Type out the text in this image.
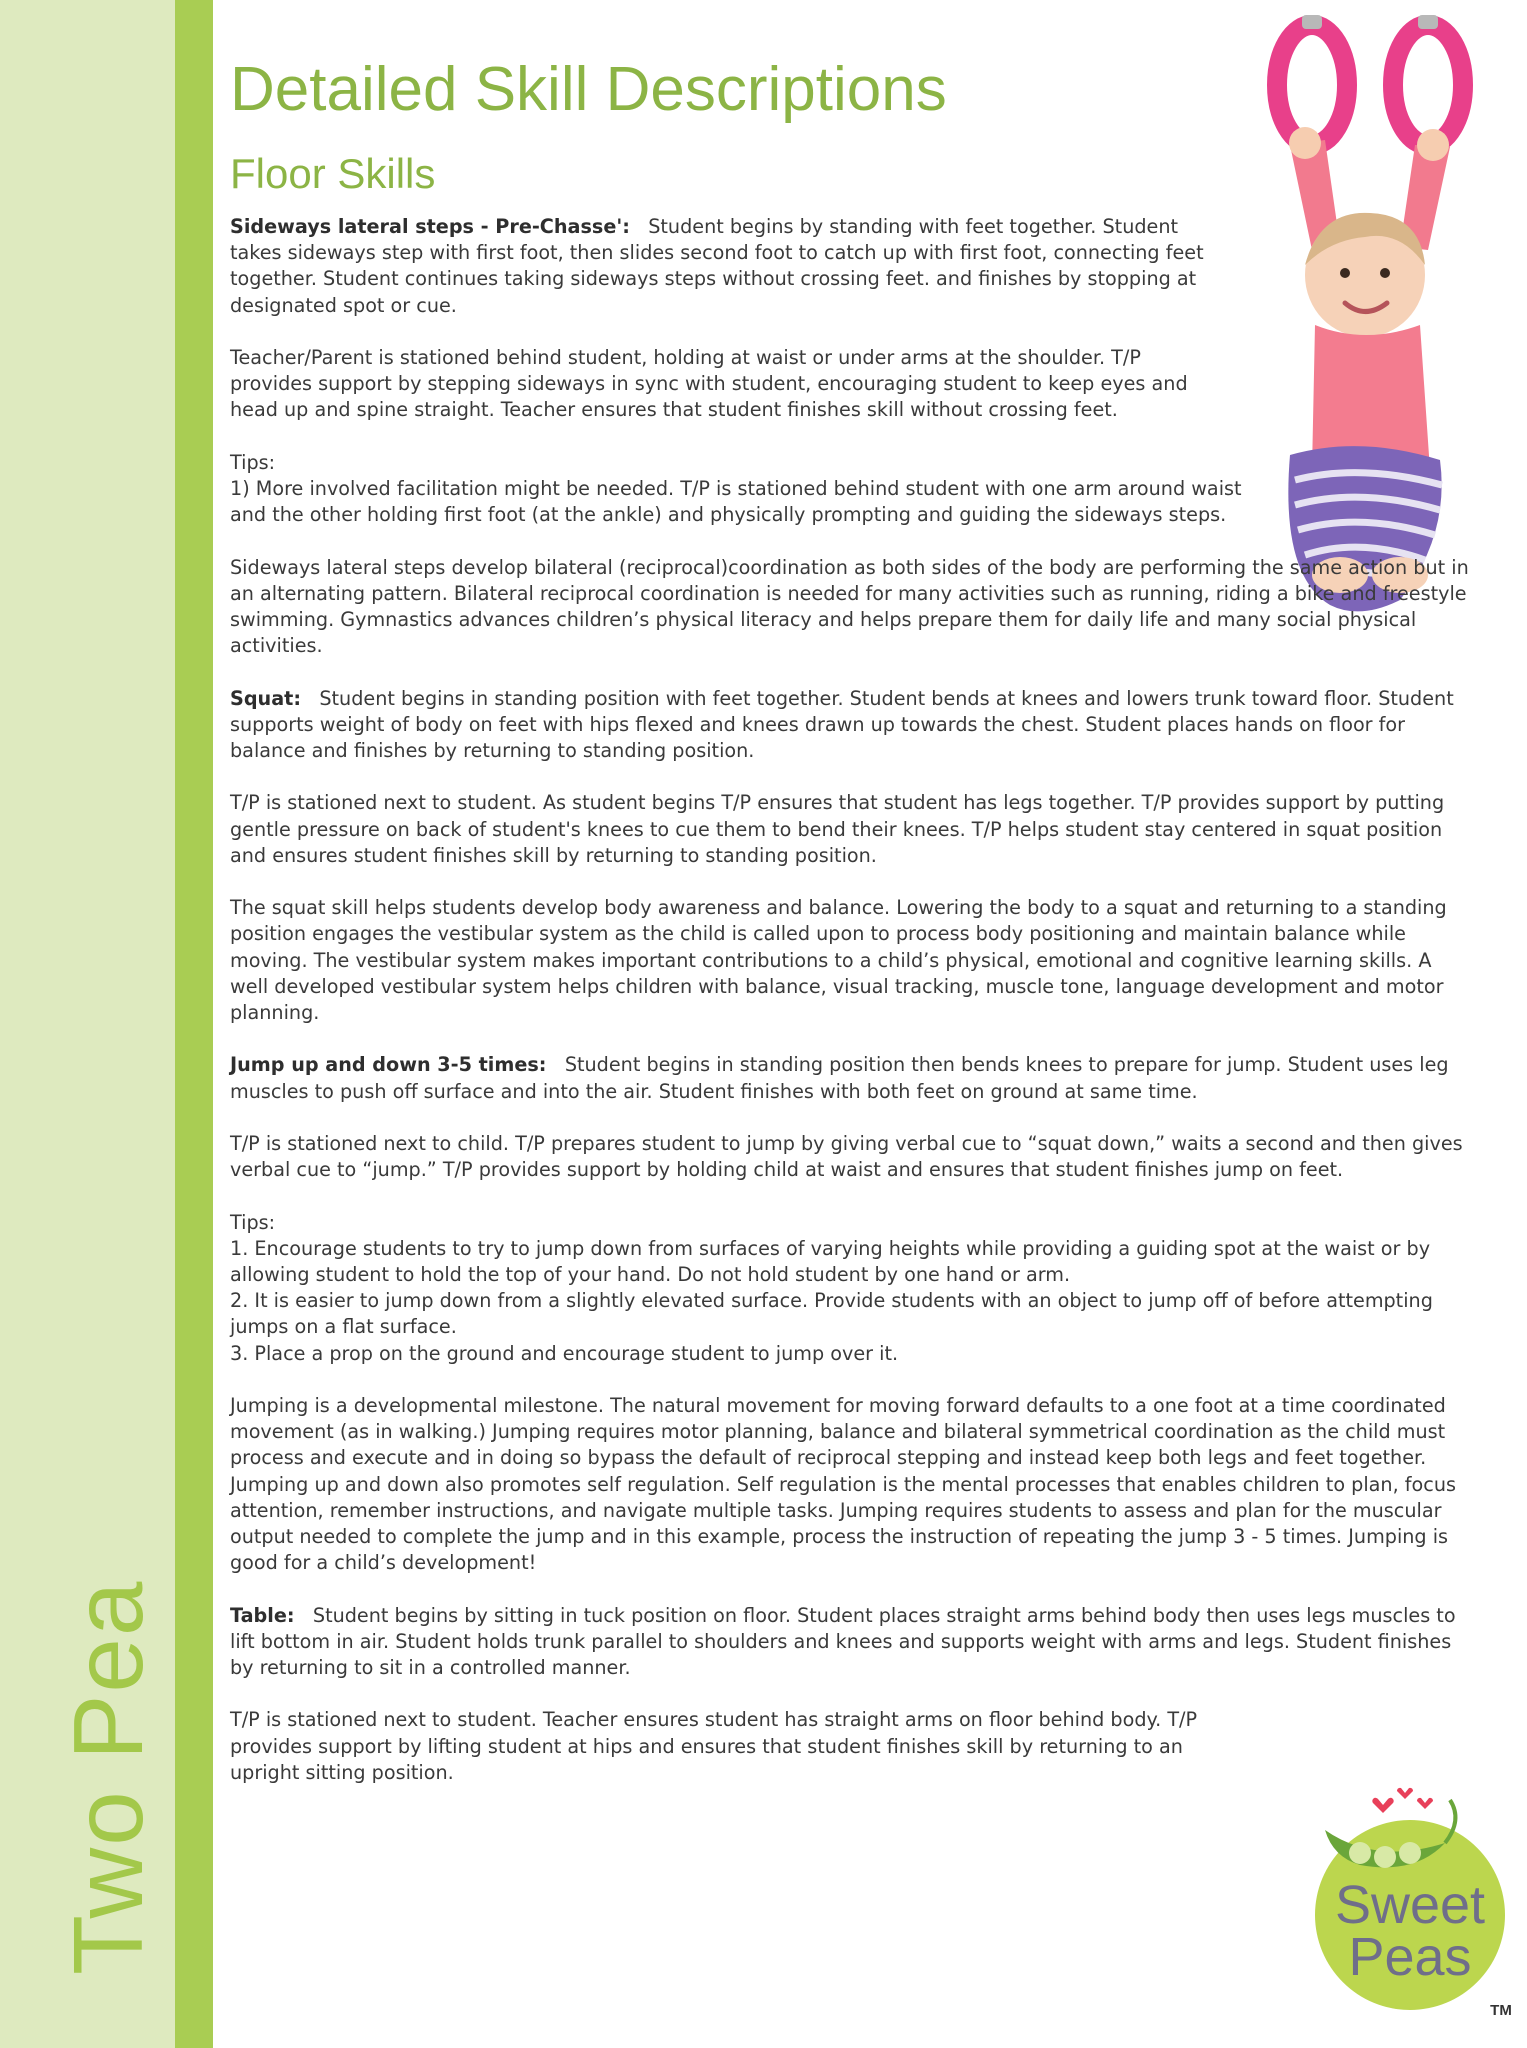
Two Pea
Detailed Skill Descriptions
Floor Skills
Sideways lateral steps - Pre-Chasse': Student begins by standing with feet together. Student takes sideways step with first foot, then slides second foot to catch up with first foot, connecting feet together. Student continues taking sideways steps without crossing feet. and finishes by stopping at designated spot or cue.
Teacher/Parent is stationed behind student, holding at waist or under arms at the shoulder. T/P provides support by stepping sideways in sync with student, encouraging student to keep eyes and head up and spine straight. Teacher ensures that student finishes skill without crossing feet.
Tips:
1) More involved facilitation might be needed. T/P is stationed behind student with one arm around waist and the other holding first foot (at the ankle) and physically prompting and guiding the sideways steps.
Sideways lateral steps develop bilateral (reciprocal)coordination as both sides of the body are performing the same action but in an alternating pattern. Bilateral reciprocal coordination is needed for many activities such as running, riding a bike and freestyle swimming. Gymnastics advances children’s physical literacy and helps prepare them for daily life and many social physical activities.
Squat: Student begins in standing position with feet together. Student bends at knees and lowers trunk toward floor. Student supports weight of body on feet with hips flexed and knees drawn up towards the chest. Student places hands on floor for balance and finishes by returning to standing position.
T/P is stationed next to student. As student begins T/P ensures that student has legs together. T/P provides support by putting gentle pressure on back of student's knees to cue them to bend their knees. T/P helps student stay centered in squat position and ensures student finishes skill by returning to standing position.
The squat skill helps students develop body awareness and balance. Lowering the body to a squat and returning to a standing position engages the vestibular system as the child is called upon to process body positioning and maintain balance while moving. The vestibular system makes important contributions to a child’s physical, emotional and cognitive learning skills. A well developed vestibular system helps children with balance, visual tracking, muscle tone, language development and motor planning.
Jump up and down 3-5 times: Student begins in standing position then bends knees to prepare for jump. Student uses leg muscles to push off surface and into the air. Student finishes with both feet on ground at same time.
T/P is stationed next to child. T/P prepares student to jump by giving verbal cue to “squat down,” waits a second and then gives verbal cue to “jump.” T/P provides support by holding child at waist and ensures that student finishes jump on feet.
Tips:
1. Encourage students to try to jump down from surfaces of varying heights while providing a guiding spot at the waist or by allowing student to hold the top of your hand. Do not hold student by one hand or arm.
2. It is easier to jump down from a slightly elevated surface. Provide students with an object to jump off of before attempting jumps on a flat surface.
3. Place a prop on the ground and encourage student to jump over it.
Jumping is a developmental milestone. The natural movement for moving forward defaults to a one foot at a time coordinated movement (as in walking.) Jumping requires motor planning, balance and bilateral symmetrical coordination as the child must process and execute and in doing so bypass the default of reciprocal stepping and instead keep both legs and feet together. Jumping up and down also promotes self regulation. Self regulation is the mental processes that enables children to plan, focus attention, remember instructions, and navigate multiple tasks. Jumping requires students to assess and plan for the muscular output needed to complete the jump and in this example, process the instruction of repeating the jump 3 - 5 times. Jumping is good for a child’s development!
Table: Student begins by sitting in tuck position on floor. Student places straight arms behind body then uses legs muscles to lift bottom in air. Student holds trunk parallel to shoulders and knees and supports weight with arms and legs. Student finishes by returning to sit in a controlled manner.
T/P is stationed next to student. Teacher ensures student has straight arms on floor behind body. T/P provides support by lifting student at hips and ensures that student finishes skill by returning to an upright sitting position.
Sweet
Peas
TM
